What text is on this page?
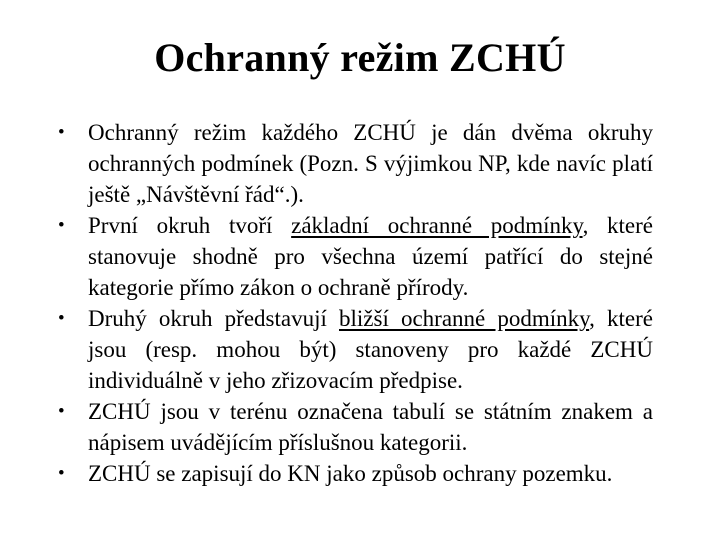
Ochranný režim ZCHÚ
• Ochranný režim každého ZCHÚ je dán dvěma okruhy ochranných podmínek (Pozn. S výjimkou NP, kde navíc platí ještě „Návštěvní řád“.).
• První okruh tvoří základní ochranné podmínky, které stanovuje shodně pro všechna území patřící do stejné kategorie přímo zákon o ochraně přírody.
• Druhý okruh představují bližší ochranné podmínky, které jsou (resp. mohou být) stanoveny pro každé ZCHÚ individuálně v jeho zřizovacím předpise.
• ZCHÚ jsou v terénu označena tabulí se státním znakem a nápisem uvádějícím příslušnou kategorii.
• ZCHÚ se zapisují do KN jako způsob ochrany pozemku.
